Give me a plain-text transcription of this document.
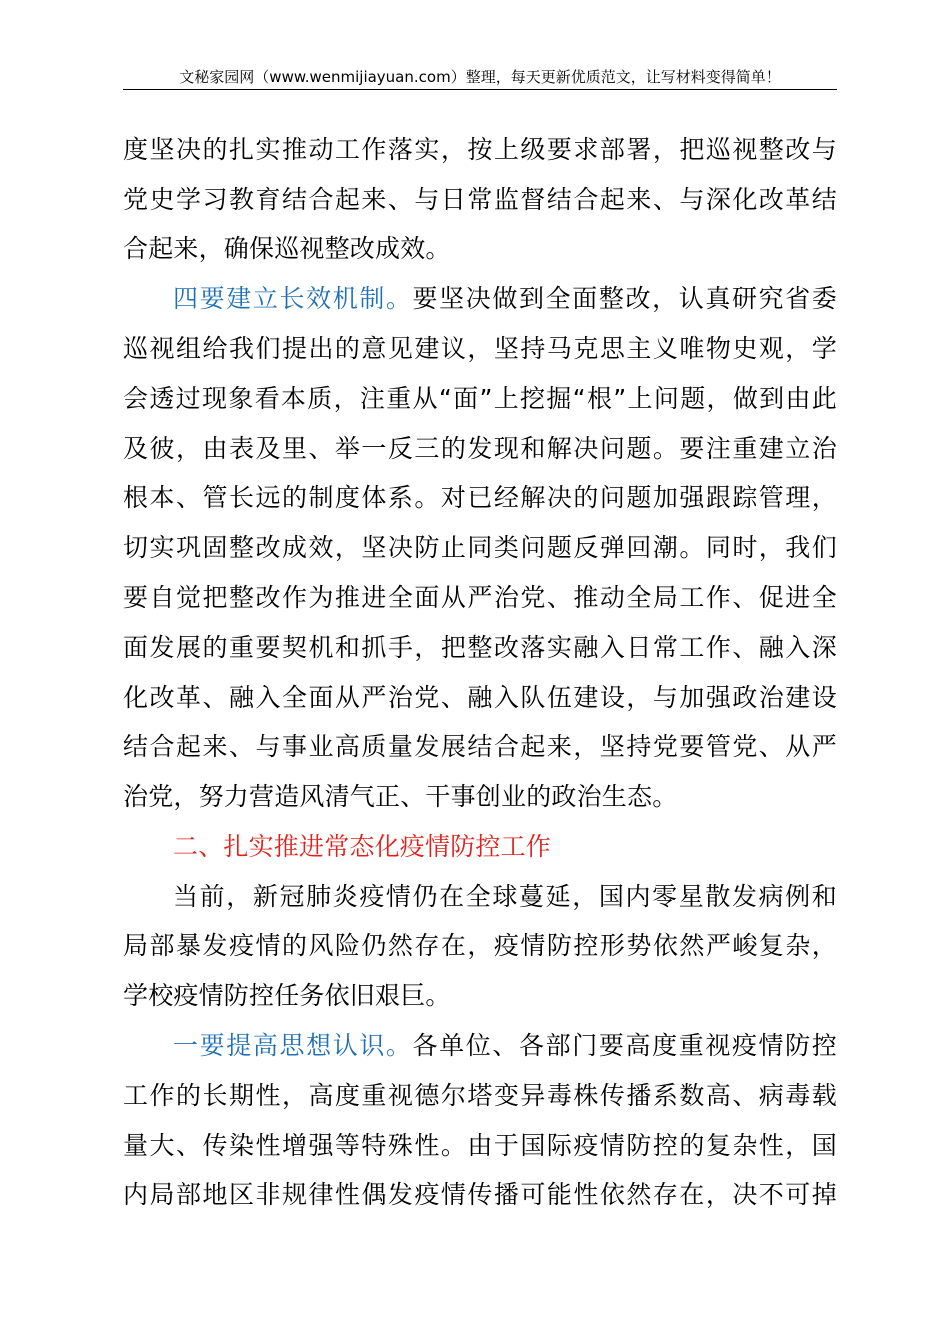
文秘家园网（www.wenmijiayuan.com）整理，每天更新优质范文，让写材料变得简单！
度坚决的扎实推动工作落实，按上级要求部署，把巡视整改与
党史学习教育结合起来、与日常监督结合起来、与深化改革结
合起来，确保巡视整改成效。
四要建立长效机制。要坚决做到全面整改，认真研究省委
巡视组给我们提出的意见建议，坚持马克思主义唯物史观，学
会透过现象看本质，注重从“面”上挖掘“根”上问题，做到由此
及彼，由表及里、举一反三的发现和解决问题。要注重建立治
根本、管长远的制度体系。对已经解决的问题加强跟踪管理，
切实巩固整改成效，坚决防止同类问题反弹回潮。同时，我们
要自觉把整改作为推进全面从严治党、推动全局工作、促进全
面发展的重要契机和抓手，把整改落实融入日常工作、融入深
化改革、融入全面从严治党、融入队伍建设，与加强政治建设
结合起来、与事业高质量发展结合起来，坚持党要管党、从严
治党，努力营造风清气正、干事创业的政治生态。
二、扎实推进常态化疫情防控工作
当前，新冠肺炎疫情仍在全球蔓延，国内零星散发病例和
局部暴发疫情的风险仍然存在，疫情防控形势依然严峻复杂，
学校疫情防控任务依旧艰巨。
一要提高思想认识。各单位、各部门要高度重视疫情防控
工作的长期性，高度重视德尔塔变异毒株传播系数高、病毒载
量大、传染性增强等特殊性。由于国际疫情防控的复杂性，国
内局部地区非规律性偶发疫情传播可能性依然存在，决不可掉
